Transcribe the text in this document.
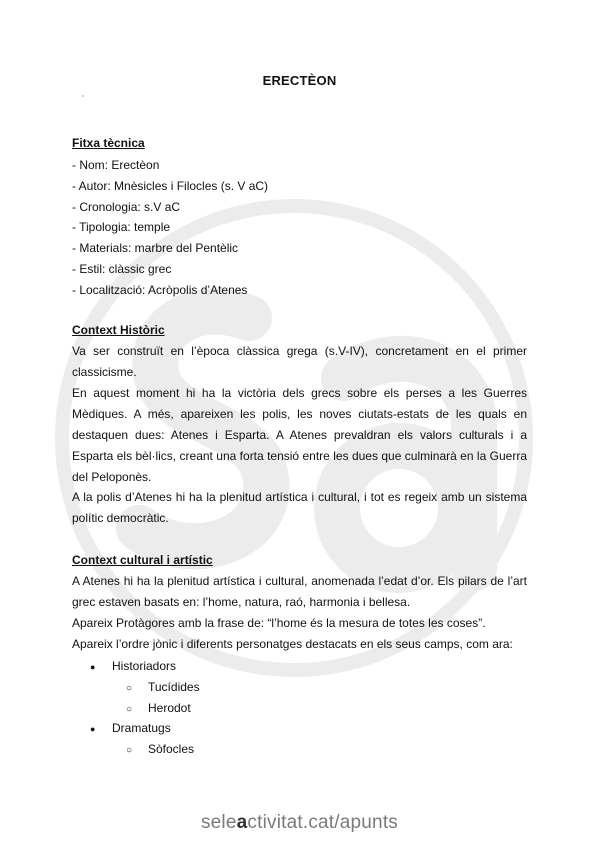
ERECTÈON
Fitxa tècnica
- Nom: Erectèon
- Autor: Mnèsicles i Filocles (s. V aC)
- Cronologia: s.V aC
- Tipologia: temple
- Materials: marbre del Pentèlic
- Estil: clàssic grec
- Localització: Acròpolis d’Atenes
Context Històric
Va ser construït en l’època clàssica grega (s.V-IV), concretament en el primer classicisme.
En aquest moment hi ha la victòria dels grecs sobre els perses a les Guerres Mèdiques. A més, apareixen les polis, les noves ciutats-estats de les quals en destaquen dues: Atenes i Esparta. A Atenes prevaldran els valors culturals i a Esparta els bèl·lics, creant una forta tensió entre les dues que culminarà en la Guerra del Peloponès.
A la polis d’Atenes hi ha la plenitud artística i cultural, i tot es regeix amb un sistema polític democràtic.
Context cultural i artístic
A Atenes hi ha la plenitud artística i cultural, anomenada l’edat d’or. Els pilars de l’art grec estaven basats en: l’home, natura, raó, harmonia i bellesa.
Apareix Protàgores amb la frase de: “l’home és la mesura de totes les coses”.
Apareix l’ordre jònic i diferents personatges destacats en els seus camps, com ara:
● Historiadors
○ Tucídides
○ Herodot
● Dramatugs
○ Sòfocles
seleactivitat.cat/apunts
